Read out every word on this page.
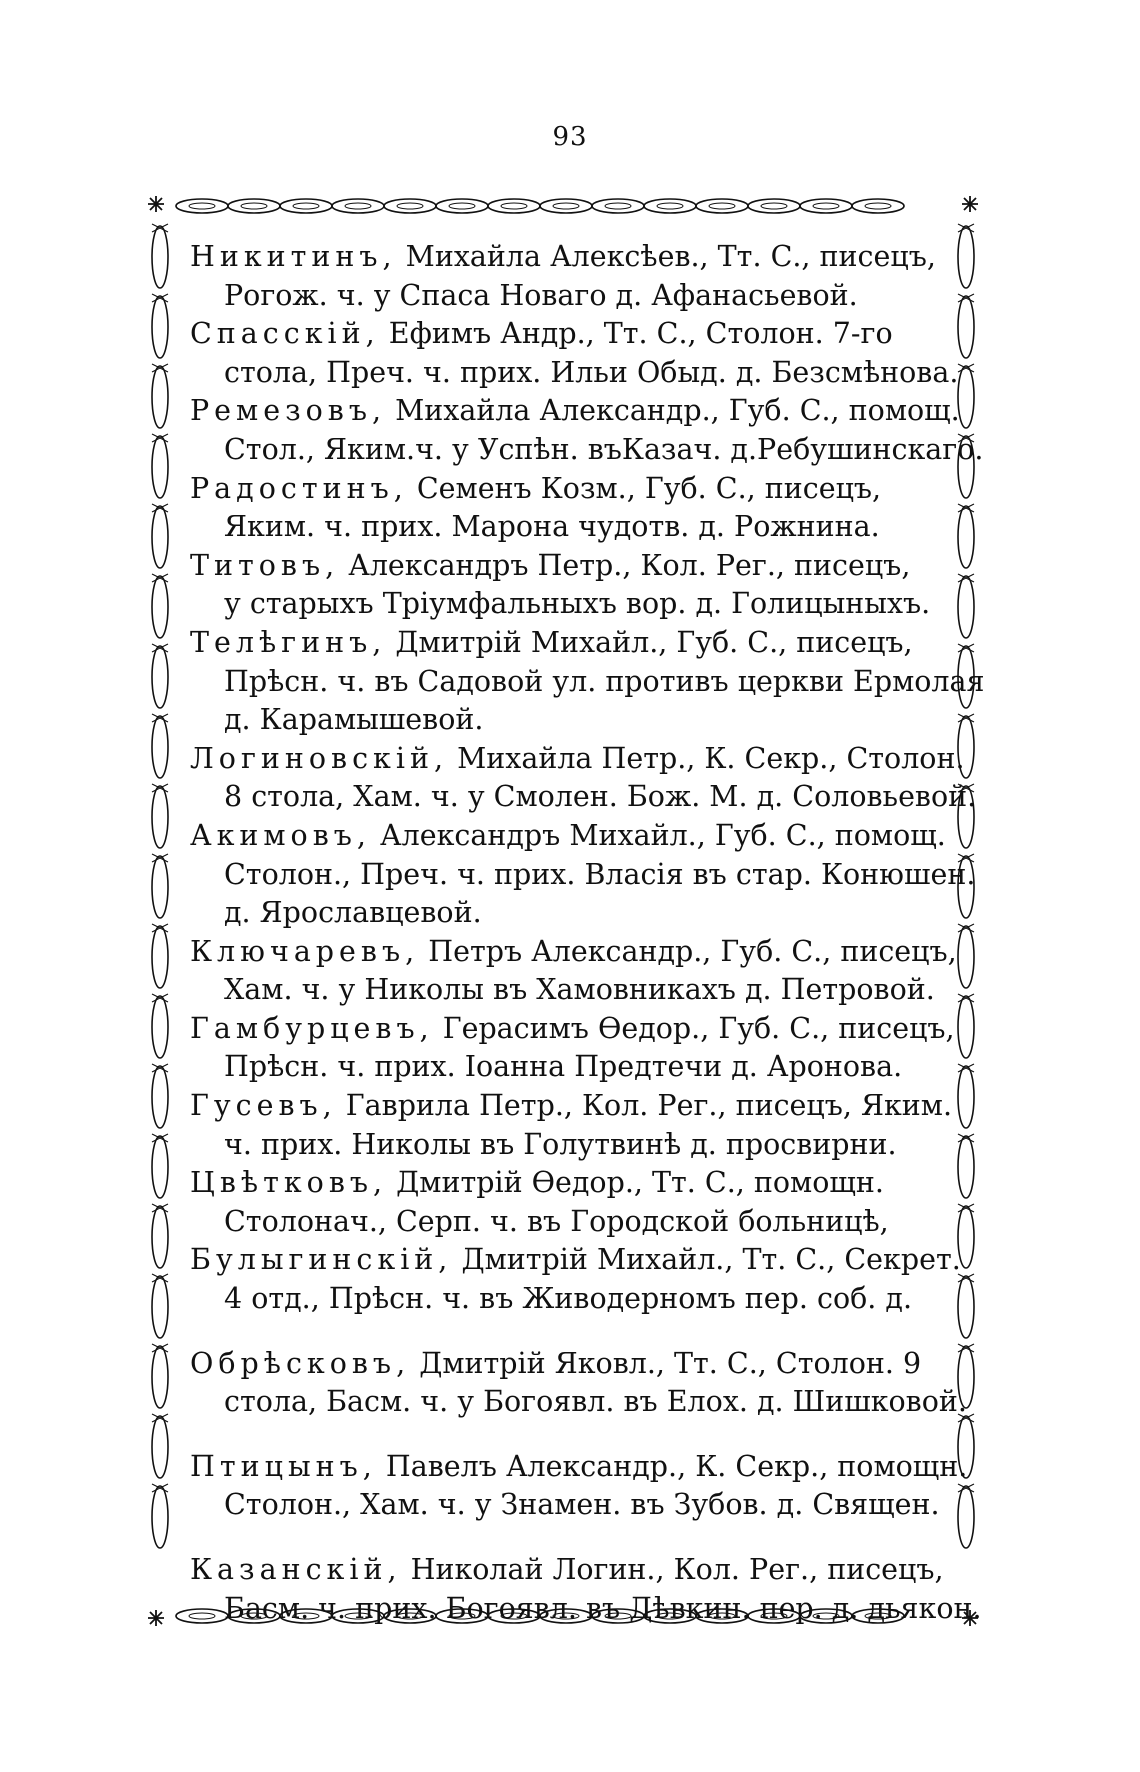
93
Никитинъ, Михайла Алексѣев., Тт. С., писецъ,
Рогож. ч. у Спаса Новаго д. Афанасьевой.
Спасскій, Ефимъ Андр., Тт. С., Столон. 7-го
стола, Преч. ч. прих. Ильи Обыд. д. Безсмѣнова.
Ремезовъ, Михайла Александр., Губ. С., помощ.
Стол., Яким.ч. у Успѣн. въКазач. д.Ребушинскаго.
Радостинъ, Семенъ Козм., Губ. С., писецъ,
Яким. ч. прих. Марона чудотв. д. Рожнина.
Титовъ, Александръ Петр., Кол. Рег., писецъ,
у старыхъ Тріумфальныхъ вор. д. Голицыныхъ.
Телѣгинъ, Дмитрій Михайл., Губ. С., писецъ,
Прѣсн. ч. въ Садовой ул. противъ церкви Ермолая
д. Карамышевой.
Логиновскій, Михайла Петр., К. Секр., Столон.
8 стола, Хам. ч. у Смолен. Бож. М. д. Соловьевой.
Акимовъ, Александръ Михайл., Губ. С., помощ.
Столон., Преч. ч. прих. Власія въ стар. Конюшен.
д. Ярославцевой.
Ключаревъ, Петръ Александр., Губ. С., писецъ,
Хам. ч. у Николы въ Хамовникахъ д. Петровой.
Гамбурцевъ, Герасимъ Ѳедор., Губ. С., писецъ,
Прѣсн. ч. прих. Іоанна Предтечи д. Аронова.
Гусевъ, Гаврила Петр., Кол. Рег., писецъ, Яким.
ч. прих. Николы въ Голутвинѣ д. просвирни.
Цвѣтковъ, Дмитрій Ѳедор., Тт. С., помощн.
Столонач., Серп. ч. въ Городской больницѣ,
Булыгинскій, Дмитрій Михайл., Тт. С., Секрет.
4 отд., Прѣсн. ч. въ Живодерномъ пер. соб. д.
Обрѣсковъ, Дмитрій Яковл., Тт. С., Столон. 9
стола, Басм. ч. у Богоявл. въ Елох. д. Шишковой.
Птицынъ, Павелъ Александр., К. Секр., помощн.
Столон., Хам. ч. у Знамен. въ Зубов. д. Священ.
Казанскій, Николай Логин., Кол. Рег., писецъ,
Басм. ч. прих. Богоявл. въ Дѣвкин. пер. д. дьякон.
